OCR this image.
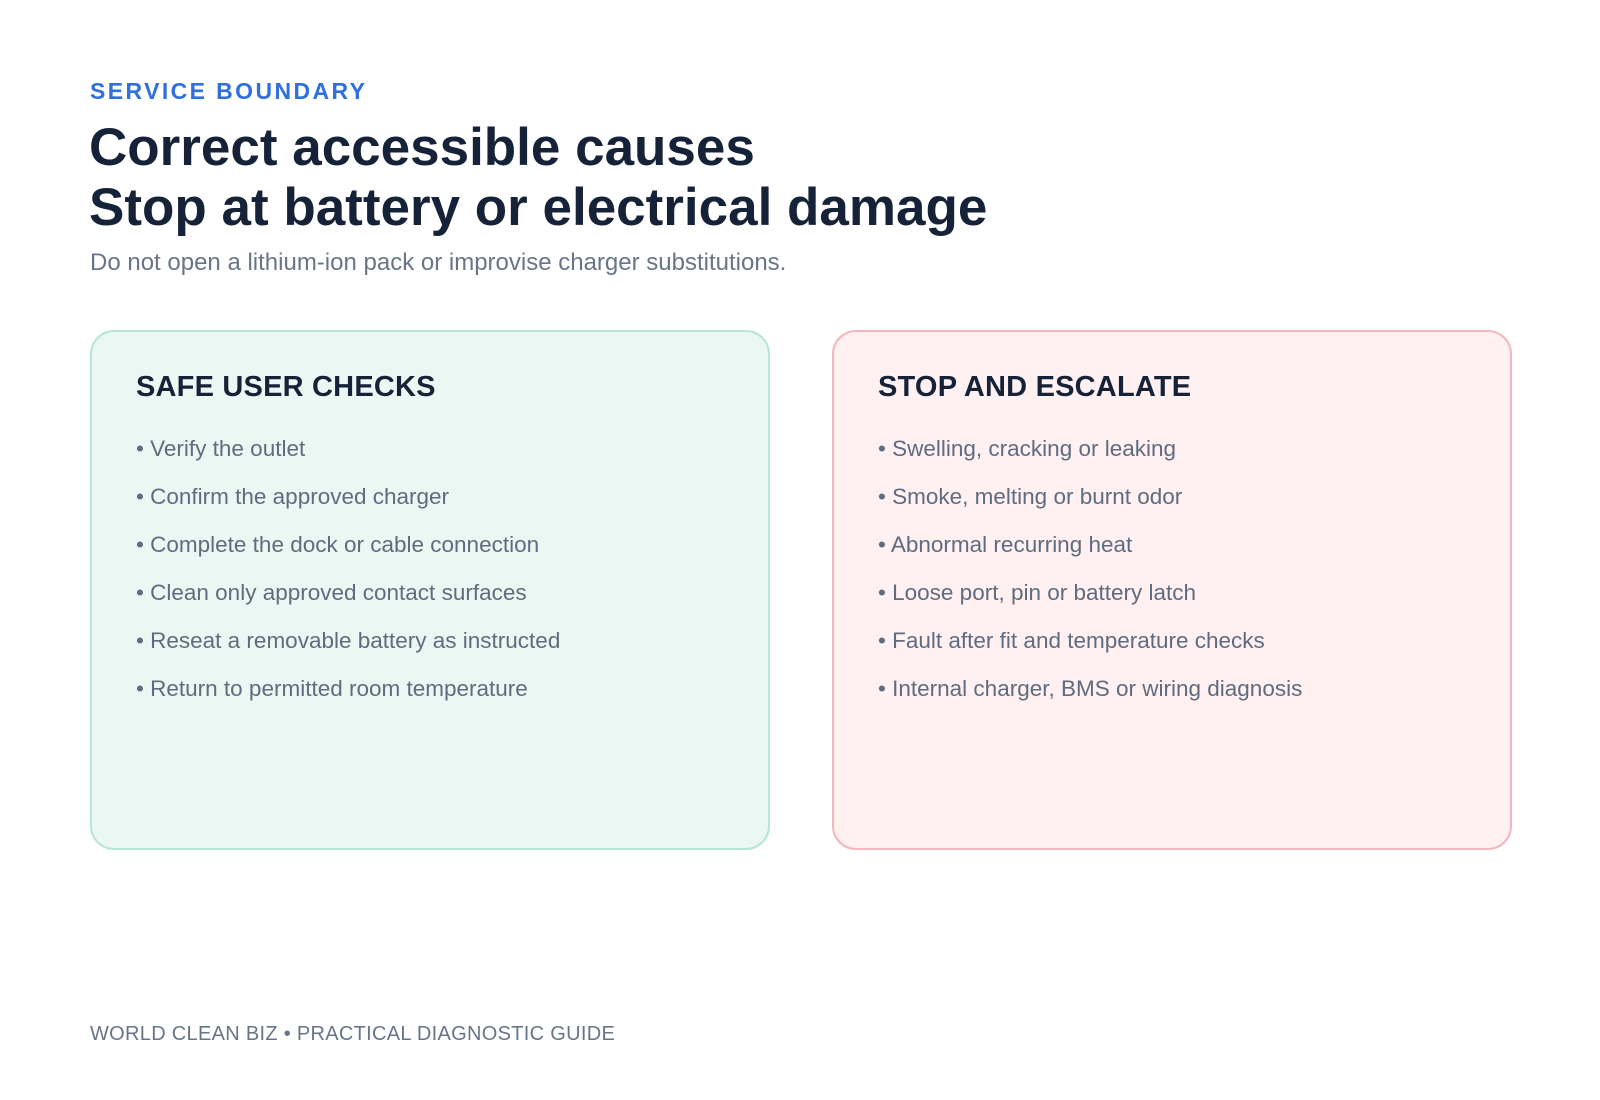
SERVICE BOUNDARY
Correct accessible causes
Stop at battery or electrical damage
Do not open a lithium-ion pack or improvise charger substitutions.
SAFE USER CHECKS
• Verify the outlet
• Confirm the approved charger
• Complete the dock or cable connection
• Clean only approved contact surfaces
• Reseat a removable battery as instructed
• Return to permitted room temperature
STOP AND ESCALATE
• Swelling, cracking or leaking
• Smoke, melting or burnt odor
• Abnormal recurring heat
• Loose port, pin or battery latch
• Fault after fit and temperature checks
• Internal charger, BMS or wiring diagnosis
WORLD CLEAN BIZ • PRACTICAL DIAGNOSTIC GUIDE
